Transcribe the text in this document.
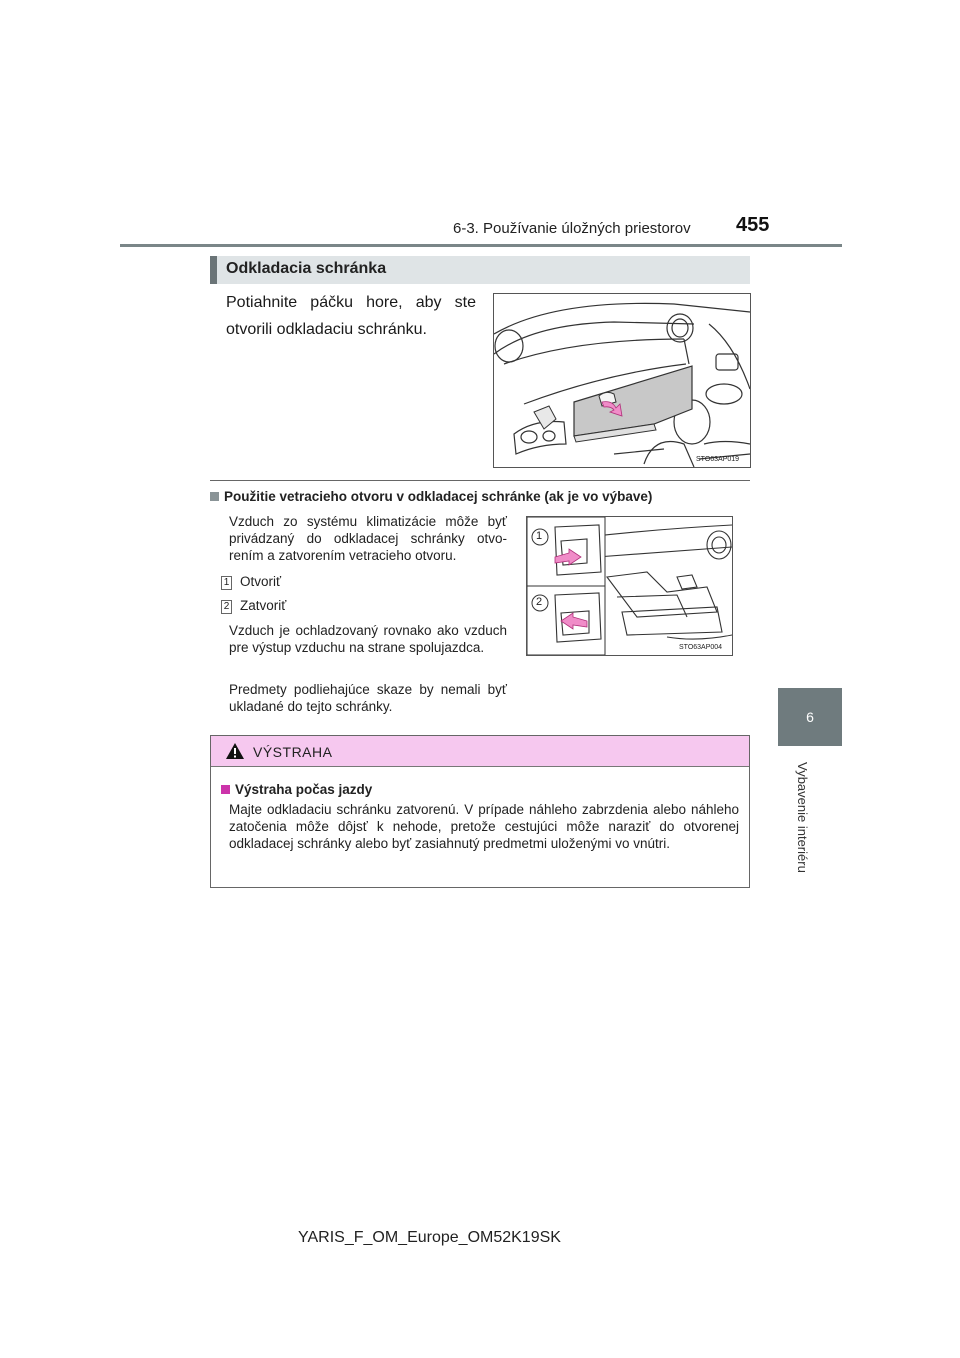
6-3. Používanie úložných priestorov 455
6
Vybavenie interiéru
Odkladacia schránka
Potiahnite páčku hore, aby ste otvorili odkladaciu schránku.
STO63AP019
Použitie vetracieho otvoru v odkladacej schránke (ak je vo výbave)
Vzduch zo systému klimatizácie môže byť privádzaný do odkladacej schránky otvo-rením a zatvorením vetracieho otvoru.
1 Otvoriť
2 Zatvoriť
Vzduch je ochladzovaný rovnako ako vzduch pre výstup vzduchu na strane spolujazdca.
Predmety podliehajúce skaze by nemali byť ukladané do tejto schránky.
1
2
STO63AP004
VÝSTRAHA
Výstraha počas jazdy
Majte odkladaciu schránku zatvorenú. V prípade náhleho zabrzdenia alebo náhleho zatočenia môže dôjsť k nehode, pretože cestujúci môže naraziť do otvorenej odkladacej schránky alebo byť zasiahnutý predmetmi uloženými vo vnútri.
YARIS_F_OM_Europe_OM52K19SK
